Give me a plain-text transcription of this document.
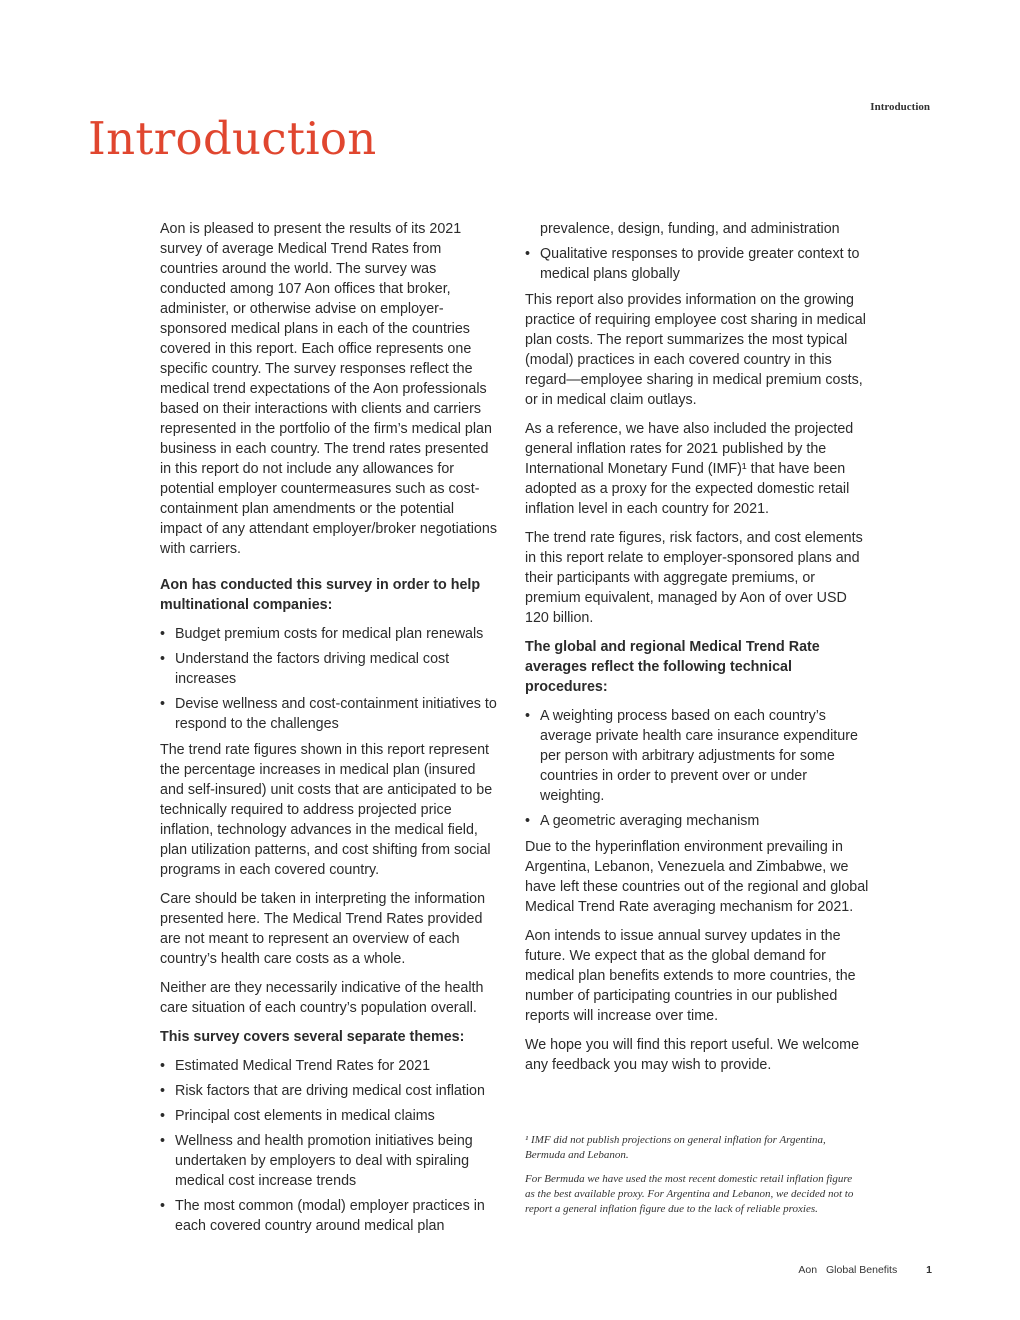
Introduction
Introduction

Aon is pleased to present the results of its 2021 survey of average Medical Trend Rates from countries around the world. The survey was conducted among 107 Aon offices that broker, administer, or otherwise advise on employer-sponsored medical plans in each of the countries covered in this report. Each office represents one specific country. The survey responses reflect the medical trend expectations of the Aon professionals based on their interactions with clients and carriers represented in the portfolio of the firm’s medical plan business in each country. The trend rates presented in this report do not include any allowances for potential employer countermeasures such as cost-containment plan amendments or the potential impact of any attendant employer/broker negotiations with carriers.

Aon has conducted this survey in order to help multinational companies:

• Budget premium costs for medical plan renewals
• Understand the factors driving medical cost increases
• Devise wellness and cost-containment initiatives to respond to the challenges

The trend rate figures shown in this report represent the percentage increases in medical plan (insured and self-insured) unit costs that are anticipated to be technically required to address projected price inflation, technology advances in the medical field, plan utilization patterns, and cost shifting from social programs in each covered country.

Care should be taken in interpreting the information presented here. The Medical Trend Rates provided are not meant to represent an overview of each country’s health care costs as a whole.

Neither are they necessarily indicative of the health care situation of each country’s population overall.

This survey covers several separate themes:

• Estimated Medical Trend Rates for 2021
• Risk factors that are driving medical cost inflation
• Principal cost elements in medical claims
• Wellness and health promotion initiatives being undertaken by employers to deal with spiraling medical cost increase trends
• The most common (modal) employer practices in each covered country around medical plan
prevalence, design, funding, and administration
• Qualitative responses to provide greater context to medical plans globally

This report also provides information on the growing practice of requiring employee cost sharing in medical plan costs. The report summarizes the most typical (modal) practices in each covered country in this regard—employee sharing in medical premium costs, or in medical claim outlays.

As a reference, we have also included the projected general inflation rates for 2021 published by the International Monetary Fund (IMF)¹ that have been adopted as a proxy for the expected domestic retail inflation level in each country for 2021.

The trend rate figures, risk factors, and cost elements in this report relate to employer-sponsored plans and their participants with aggregate premiums, or premium equivalent, managed by Aon of over USD 120 billion.

The global and regional Medical Trend Rate averages reflect the following technical procedures:

• A weighting process based on each country’s average private health care insurance expenditure per person with arbitrary adjustments for some countries in order to prevent over or under weighting.
• A geometric averaging mechanism

Due to the hyperinflation environment prevailing in Argentina, Lebanon, Venezuela and Zimbabwe, we have left these countries out of the regional and global Medical Trend Rate averaging mechanism for 2021.

Aon intends to issue annual survey updates in the future. We expect that as the global demand for medical plan benefits extends to more countries, the number of participating countries in our published reports will increase over time.

We hope you will find this report useful. We welcome any feedback you may wish to provide.

¹ IMF did not publish projections on general inflation for Argentina, Bermuda and Lebanon.

For Bermuda we have used the most recent domestic retail inflation figure as the best available proxy. For Argentina and Lebanon, we decided not to report a general inflation figure due to the lack of reliable proxies.

Aon Global Benefits	1
